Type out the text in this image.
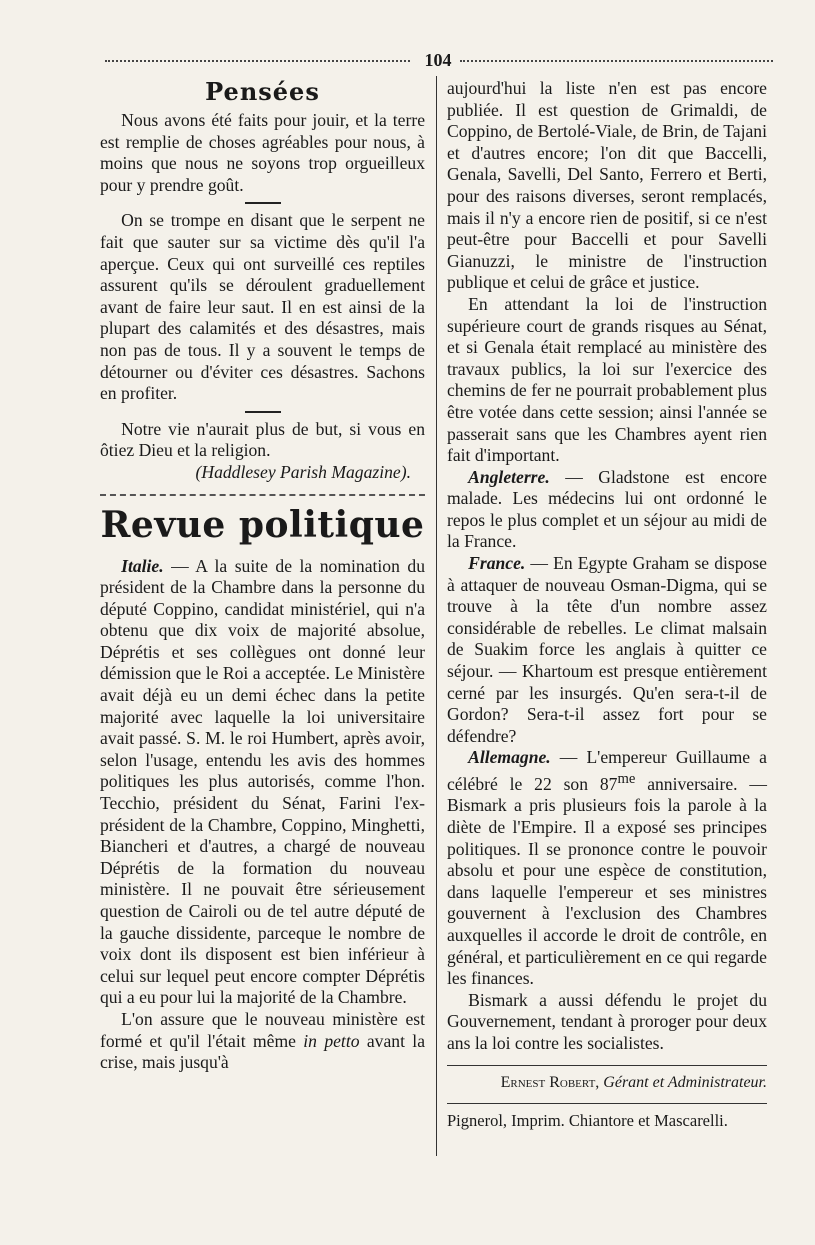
104
Pensées

Nous avons été faits pour jouir, et la terre est remplie de choses agréables pour nous, à moins que nous ne soyons trop orgueilleux pour y prendre goût.

On se trompe en disant que le serpent ne fait que sauter sur sa victime dès qu'il l'a aperçue. Ceux qui ont surveillé ces reptiles assurent qu'ils se déroulent graduellement avant de faire leur saut. Il en est ainsi de la plupart des calamités et des désastres, mais non pas de tous. Il y a souvent le temps de détourner ou d'éviter ces désastres. Sachons en profiter.

Notre vie n'aurait plus de but, si vous en ôtiez Dieu et la religion.

(Haddlesey Parish Magazine).

Revue politique

Italie. — A la suite de la nomination du président de la Chambre dans la personne du député Coppino, candidat ministériel, qui n'a obtenu que dix voix de majorité absolue, Déprétis et ses collègues ont donné leur démission que le Roi a acceptée. Le Ministère avait déjà eu un demi échec dans la petite majorité avec laquelle la loi universitaire avait passé. S. M. le roi Humbert, après avoir, selon l'usage, entendu les avis des hommes politiques les plus autorisés, comme l'hon. Tecchio, président du Sénat, Farini l'ex-président de la Chambre, Coppino, Minghetti, Biancheri et d'autres, a chargé de nouveau Déprétis de la formation du nouveau ministère. Il ne pouvait être sérieusement question de Cairoli ou de tel autre député de la gauche dissidente, parceque le nombre de voix dont ils disposent est bien inférieur à celui sur lequel peut encore compter Déprétis qui a eu pour lui la majorité de la Chambre.

L'on assure que le nouveau ministère est formé et qu'il l'était même in petto avant la crise, mais jusqu'à

aujourd'hui la liste n'en est pas encore publiée. Il est question de Grimaldi, de Coppino, de Bertolé-Viale, de Brin, de Tajani et d'autres encore; l'on dit que Baccelli, Genala, Savelli, Del Santo, Ferrero et Berti, pour des raisons diverses, seront remplacés, mais il n'y a encore rien de positif, si ce n'est peut-être pour Baccelli et pour Savelli Gianuzzi, le ministre de l'instruction publique et celui de grâce et justice.

En attendant la loi de l'instruction supérieure court de grands risques au Sénat, et si Genala était remplacé au ministère des travaux publics, la loi sur l'exercice des chemins de fer ne pourrait probablement plus être votée dans cette session; ainsi l'année se passerait sans que les Chambres ayent rien fait d'important.

Angleterre. — Gladstone est encore malade. Les médecins lui ont ordonné le repos le plus complet et un séjour au midi de la France.

France. — En Egypte Graham se dispose à attaquer de nouveau Osman-Digma, qui se trouve à la tête d'un nombre assez considérable de rebelles. Le climat malsain de Suakim force les anglais à quitter ce séjour. — Khartoum est presque entièrement cerné par les insurgés. Qu'en sera-t-il de Gordon? Sera-t-il assez fort pour se défendre?

Allemagne. — L'empereur Guillaume a célébré le 22 son $87^{me}$ anniversaire. — Bismark a pris plusieurs fois la parole à la diète de l'Empire. Il a exposé ses principes politiques. Il se prononce contre le pouvoir absolu et pour une espèce de constitution, dans laquelle l'empereur et ses ministres gouvernent à l'exclusion des Chambres auxquelles il accorde le droit de contrôle, en général, et particulièrement en ce qui regarde les finances.

Bismark a aussi défendu le projet du Gouvernement, tendant à proroger pour deux ans la loi contre les socialistes.

Ernest Robert, Gérant et Administrateur.

Pignerol, Imprim. Chiantore et Mascarelli.
